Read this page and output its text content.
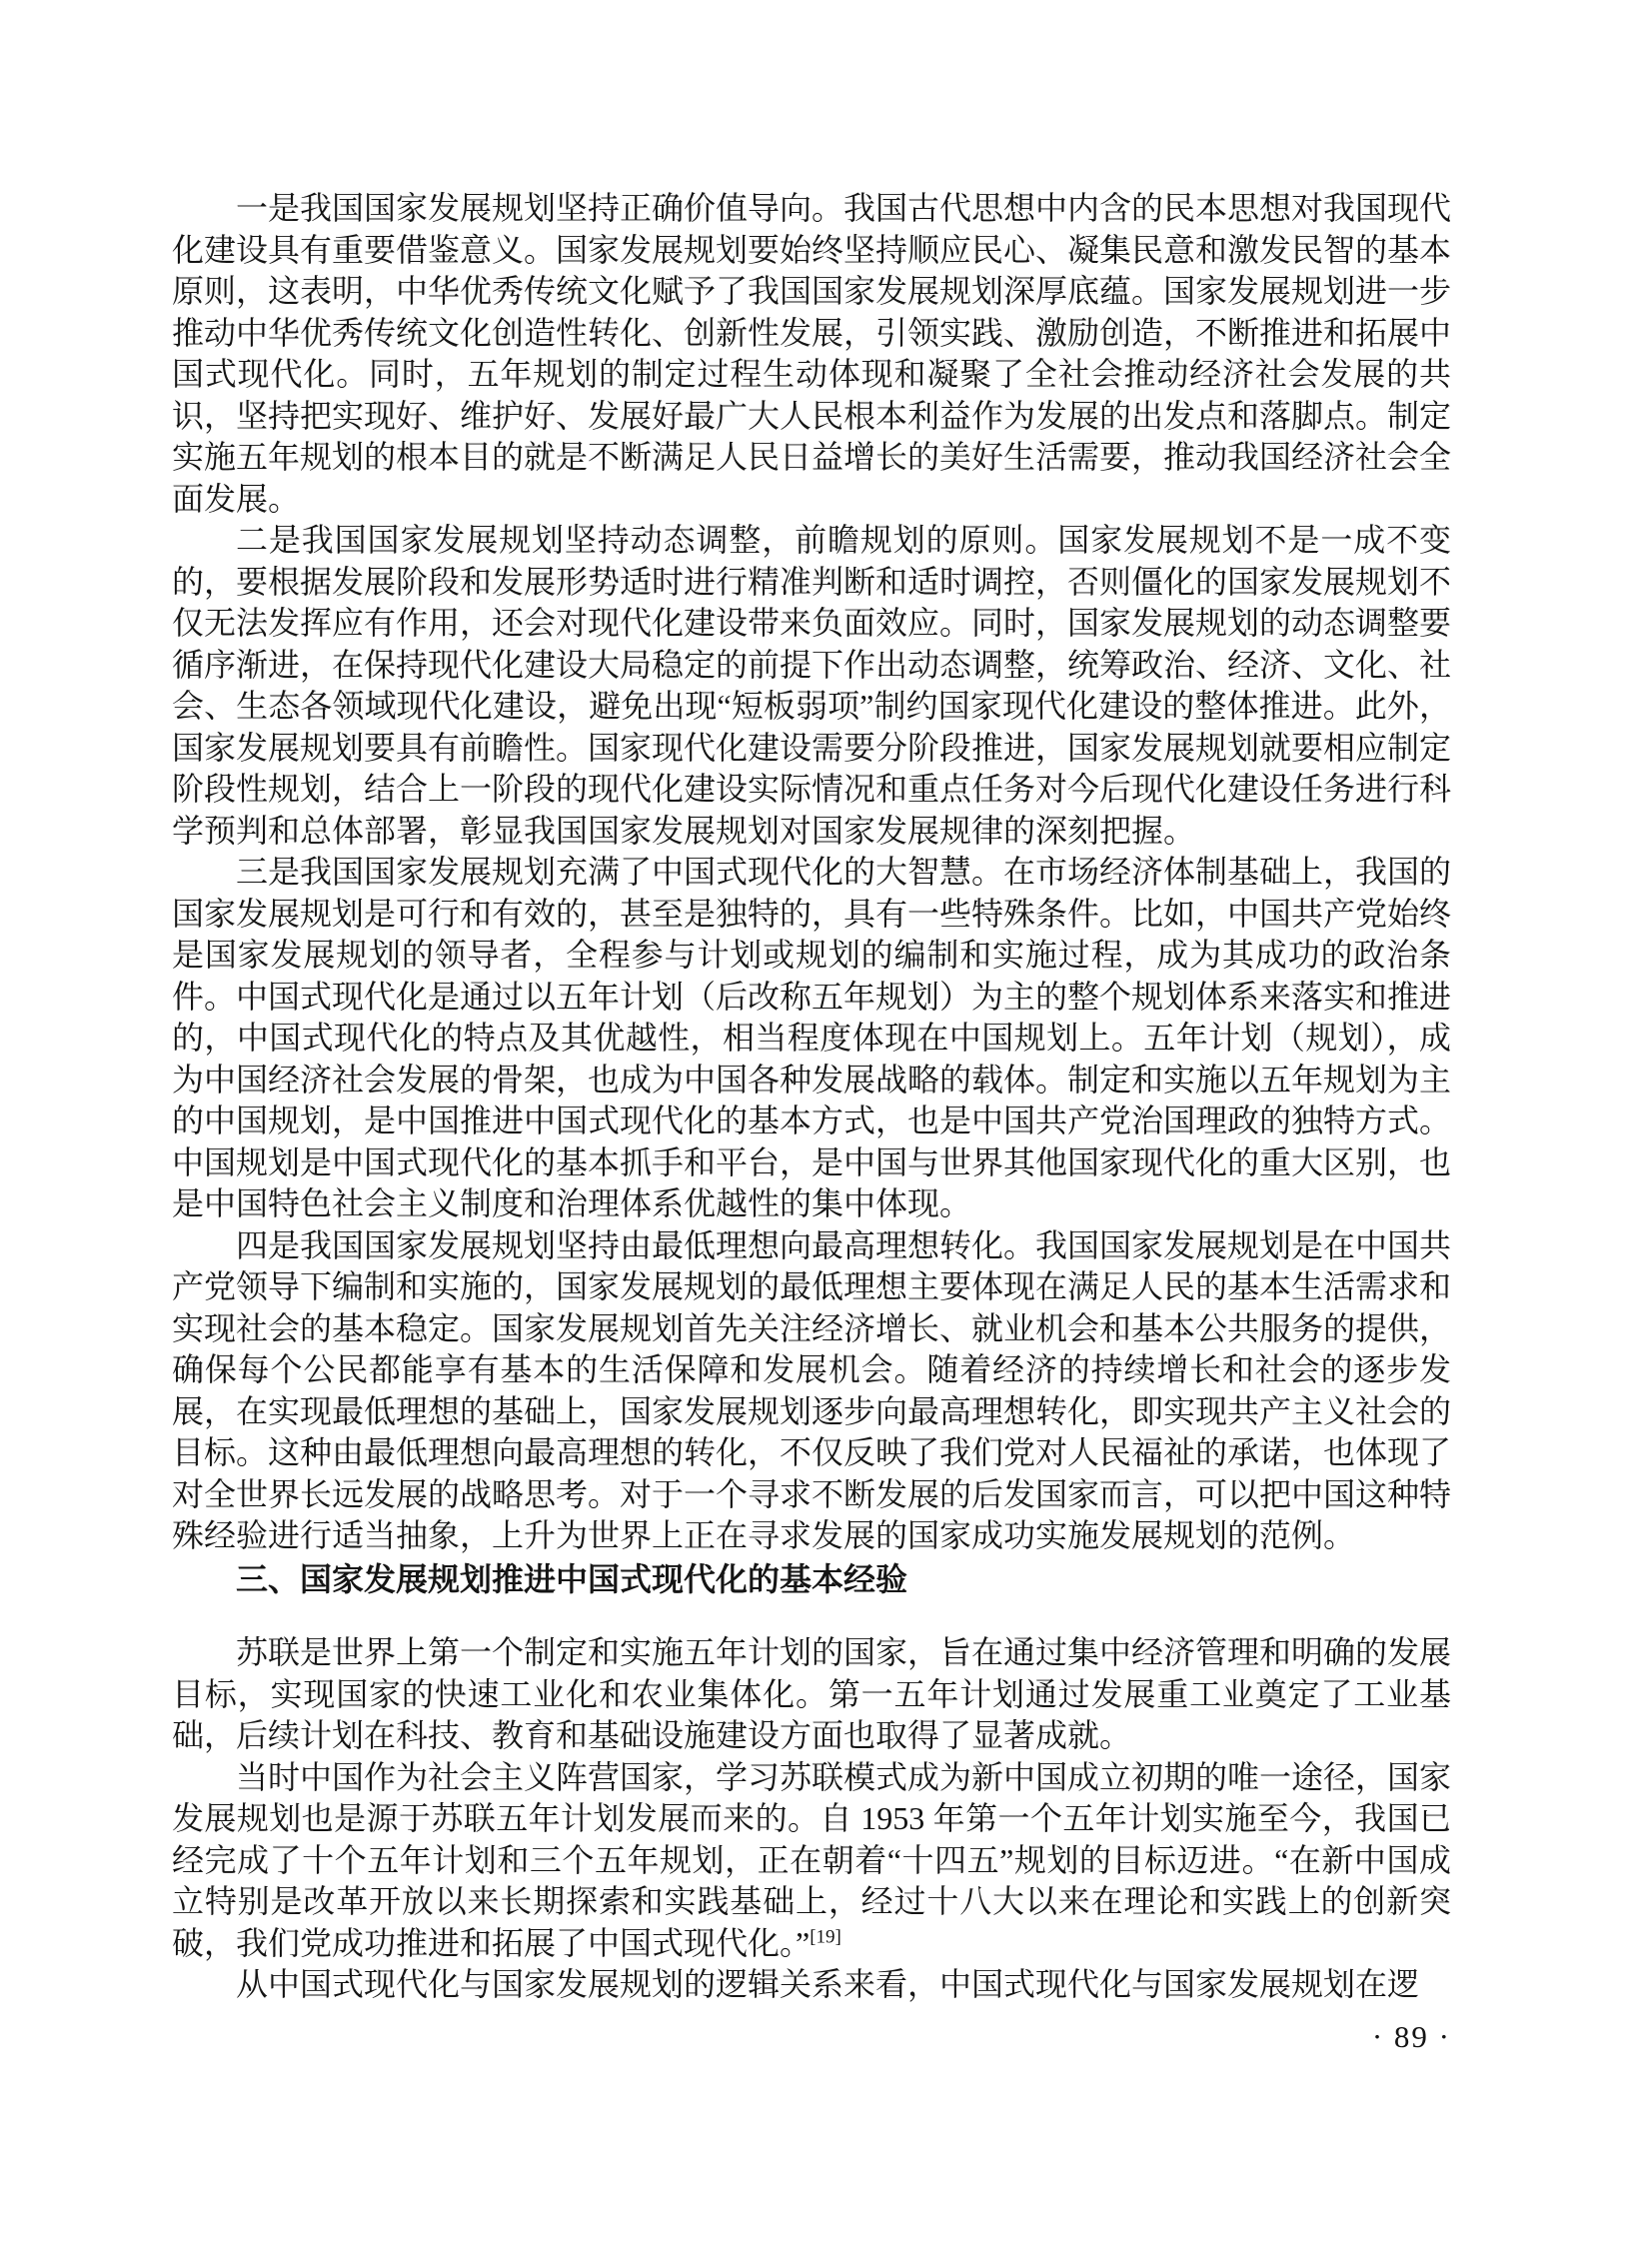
一是我国国家发展规划坚持正确价值导向。我国古代思想中内含的民本思想对我国现代化建设具有重要借鉴意义。国家发展规划要始终坚持顺应民心、凝集民意和激发民智的基本原则，这表明，中华优秀传统文化赋予了我国国家发展规划深厚底蕴。国家发展规划进一步推动中华优秀传统文化创造性转化、创新性发展，引领实践、激励创造，不断推进和拓展中国式现代化。同时，五年规划的制定过程生动体现和凝聚了全社会推动经济社会发展的共识，坚持把实现好、维护好、发展好最广大人民根本利益作为发展的出发点和落脚点。制定实施五年规划的根本目的就是不断满足人民日益增长的美好生活需要，推动我国经济社会全面发展。

二是我国国家发展规划坚持动态调整，前瞻规划的原则。国家发展规划不是一成不变的，要根据发展阶段和发展形势适时进行精准判断和适时调控，否则僵化的国家发展规划不仅无法发挥应有作用，还会对现代化建设带来负面效应。同时，国家发展规划的动态调整要循序渐进，在保持现代化建设大局稳定的前提下作出动态调整，统筹政治、经济、文化、社会、生态各领域现代化建设，避免出现“短板弱项”制约国家现代化建设的整体推进。此外，国家发展规划要具有前瞻性。国家现代化建设需要分阶段推进，国家发展规划就要相应制定阶段性规划，结合上一阶段的现代化建设实际情况和重点任务对今后现代化建设任务进行科学预判和总体部署，彰显我国国家发展规划对国家发展规律的深刻把握。

三是我国国家发展规划充满了中国式现代化的大智慧。在市场经济体制基础上，我国的国家发展规划是可行和有效的，甚至是独特的，具有一些特殊条件。比如，中国共产党始终是国家发展规划的领导者，全程参与计划或规划的编制和实施过程，成为其成功的政治条件。中国式现代化是通过以五年计划（后改称五年规划）为主的整个规划体系来落实和推进的，中国式现代化的特点及其优越性，相当程度体现在中国规划上。五年计划（规划），成为中国经济社会发展的骨架，也成为中国各种发展战略的载体。制定和实施以五年规划为主的中国规划，是中国推进中国式现代化的基本方式，也是中国共产党治国理政的独特方式。中国规划是中国式现代化的基本抓手和平台，是中国与世界其他国家现代化的重大区别，也是中国特色社会主义制度和治理体系优越性的集中体现。

四是我国国家发展规划坚持由最低理想向最高理想转化。我国国家发展规划是在中国共产党领导下编制和实施的，国家发展规划的最低理想主要体现在满足人民的基本生活需求和实现社会的基本稳定。国家发展规划首先关注经济增长、就业机会和基本公共服务的提供，确保每个公民都能享有基本的生活保障和发展机会。随着经济的持续增长和社会的逐步发展，在实现最低理想的基础上，国家发展规划逐步向最高理想转化，即实现共产主义社会的目标。这种由最低理想向最高理想的转化，不仅反映了我们党对人民福祉的承诺，也体现了对全世界长远发展的战略思考。对于一个寻求不断发展的后发国家而言，可以把中国这种特殊经验进行适当抽象，上升为世界上正在寻求发展的国家成功实施发展规划的范例。

三、国家发展规划推进中国式现代化的基本经验

苏联是世界上第一个制定和实施五年计划的国家，旨在通过集中经济管理和明确的发展目标，实现国家的快速工业化和农业集体化。第一五年计划通过发展重工业奠定了工业基础，后续计划在科技、教育和基础设施建设方面也取得了显著成就。

当时中国作为社会主义阵营国家，学习苏联模式成为新中国成立初期的唯一途径，国家发展规划也是源于苏联五年计划发展而来的。自 1953 年第一个五年计划实施至今，我国已经完成了十个五年计划和三个五年规划，正在朝着“十四五”规划的目标迈进。“在新中国成立特别是改革开放以来长期探索和实践基础上，经过十八大以来在理论和实践上的创新突破，我们党成功推进和拓展了中国式现代化。”[19]

从中国式现代化与国家发展规划的逻辑关系来看，中国式现代化与国家发展规划在逻

· 89 ·
